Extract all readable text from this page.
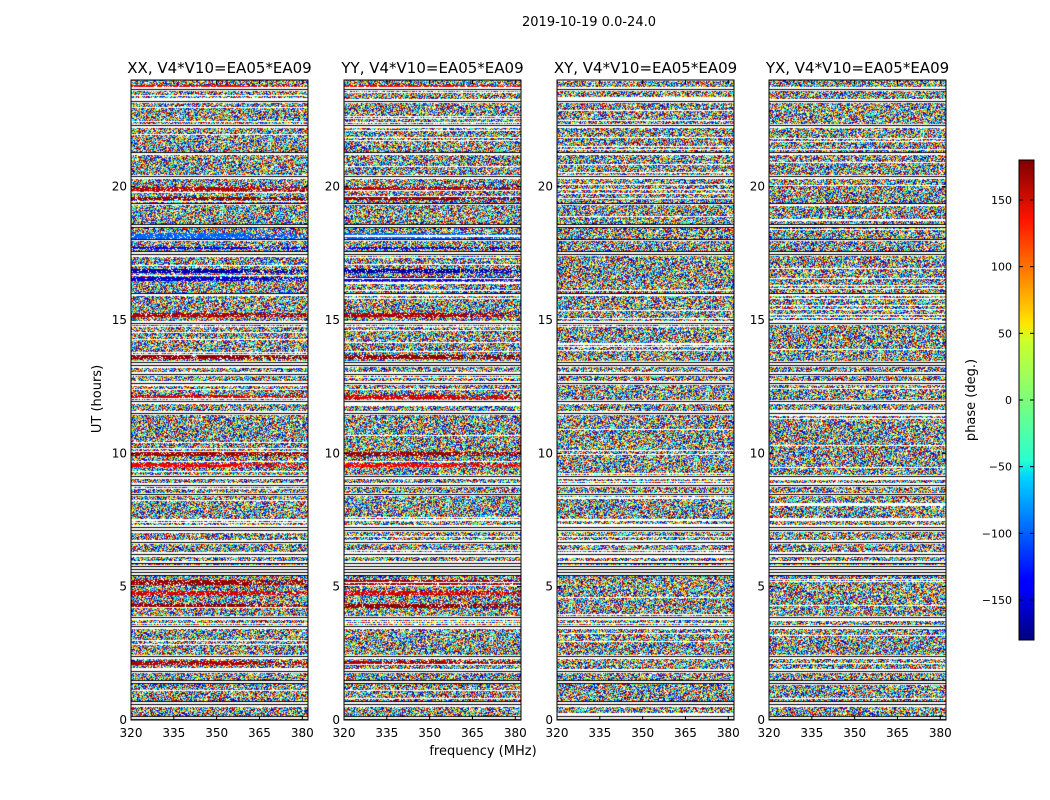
2019-10-19 0.0-24.0
XX, V4*V10=EA05*EA09
320 335 350 365 380
0
5
10
15
20
YY, V4*V10=EA05*EA09
320 335 350 365 380
0
5
10
15
20
XY, V4*V10=EA05*EA09
320 335 350 365 380
0
5
10
15
20
YX, V4*V10=EA05*EA09
320 335 350 365 380
0
5
10
15
20
frequency (MHz)
UT (hours)
150
100
50
0
−50
−100
−150
phase (deg.)
